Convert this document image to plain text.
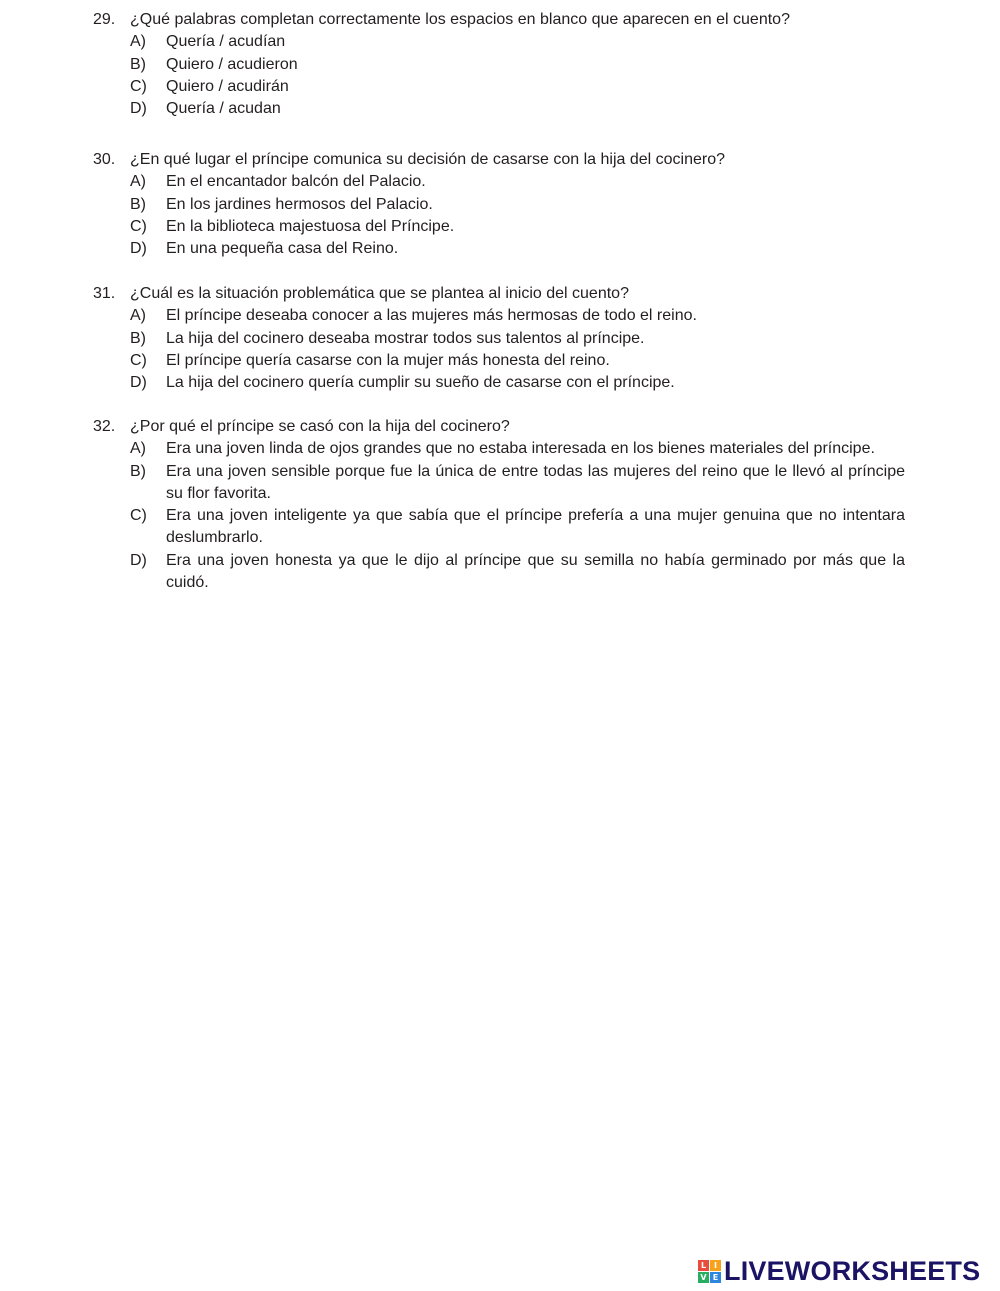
29. ¿Qué palabras completan correctamente los espacios en blanco que aparecen en el cuento?
A) Quería / acudían
B) Quiero / acudieron
C) Quiero / acudirán
D) Quería / acudan
30. ¿En qué lugar el príncipe comunica su decisión de casarse con la hija del cocinero?
A) En el encantador balcón del Palacio.
B) En los jardines hermosos del Palacio.
C) En la biblioteca majestuosa del Príncipe.
D) En una pequeña casa del Reino.
31. ¿Cuál es la situación problemática que se plantea al inicio del cuento?
A) El príncipe deseaba conocer a las mujeres más hermosas de todo el reino.
B) La hija del cocinero deseaba mostrar todos sus talentos al príncipe.
C) El príncipe quería casarse con la mujer más honesta del reino.
D) La hija del cocinero quería cumplir su sueño de casarse con el príncipe.
32. ¿Por qué el príncipe se casó con la hija del cocinero?
A) Era una joven linda de ojos grandes que no estaba interesada en los bienes materiales del príncipe.
B) Era una joven sensible porque fue la única de entre todas las mujeres del reino que le llevó al príncipe su flor favorita.
C) Era una joven inteligente ya que sabía que el príncipe prefería a una mujer genuina que no intentara deslumbrarlo.
D) Era una joven honesta ya que le dijo al príncipe que su semilla no había germinado por más que la cuidó.
L I
V E LIVEWORKSHEETS
